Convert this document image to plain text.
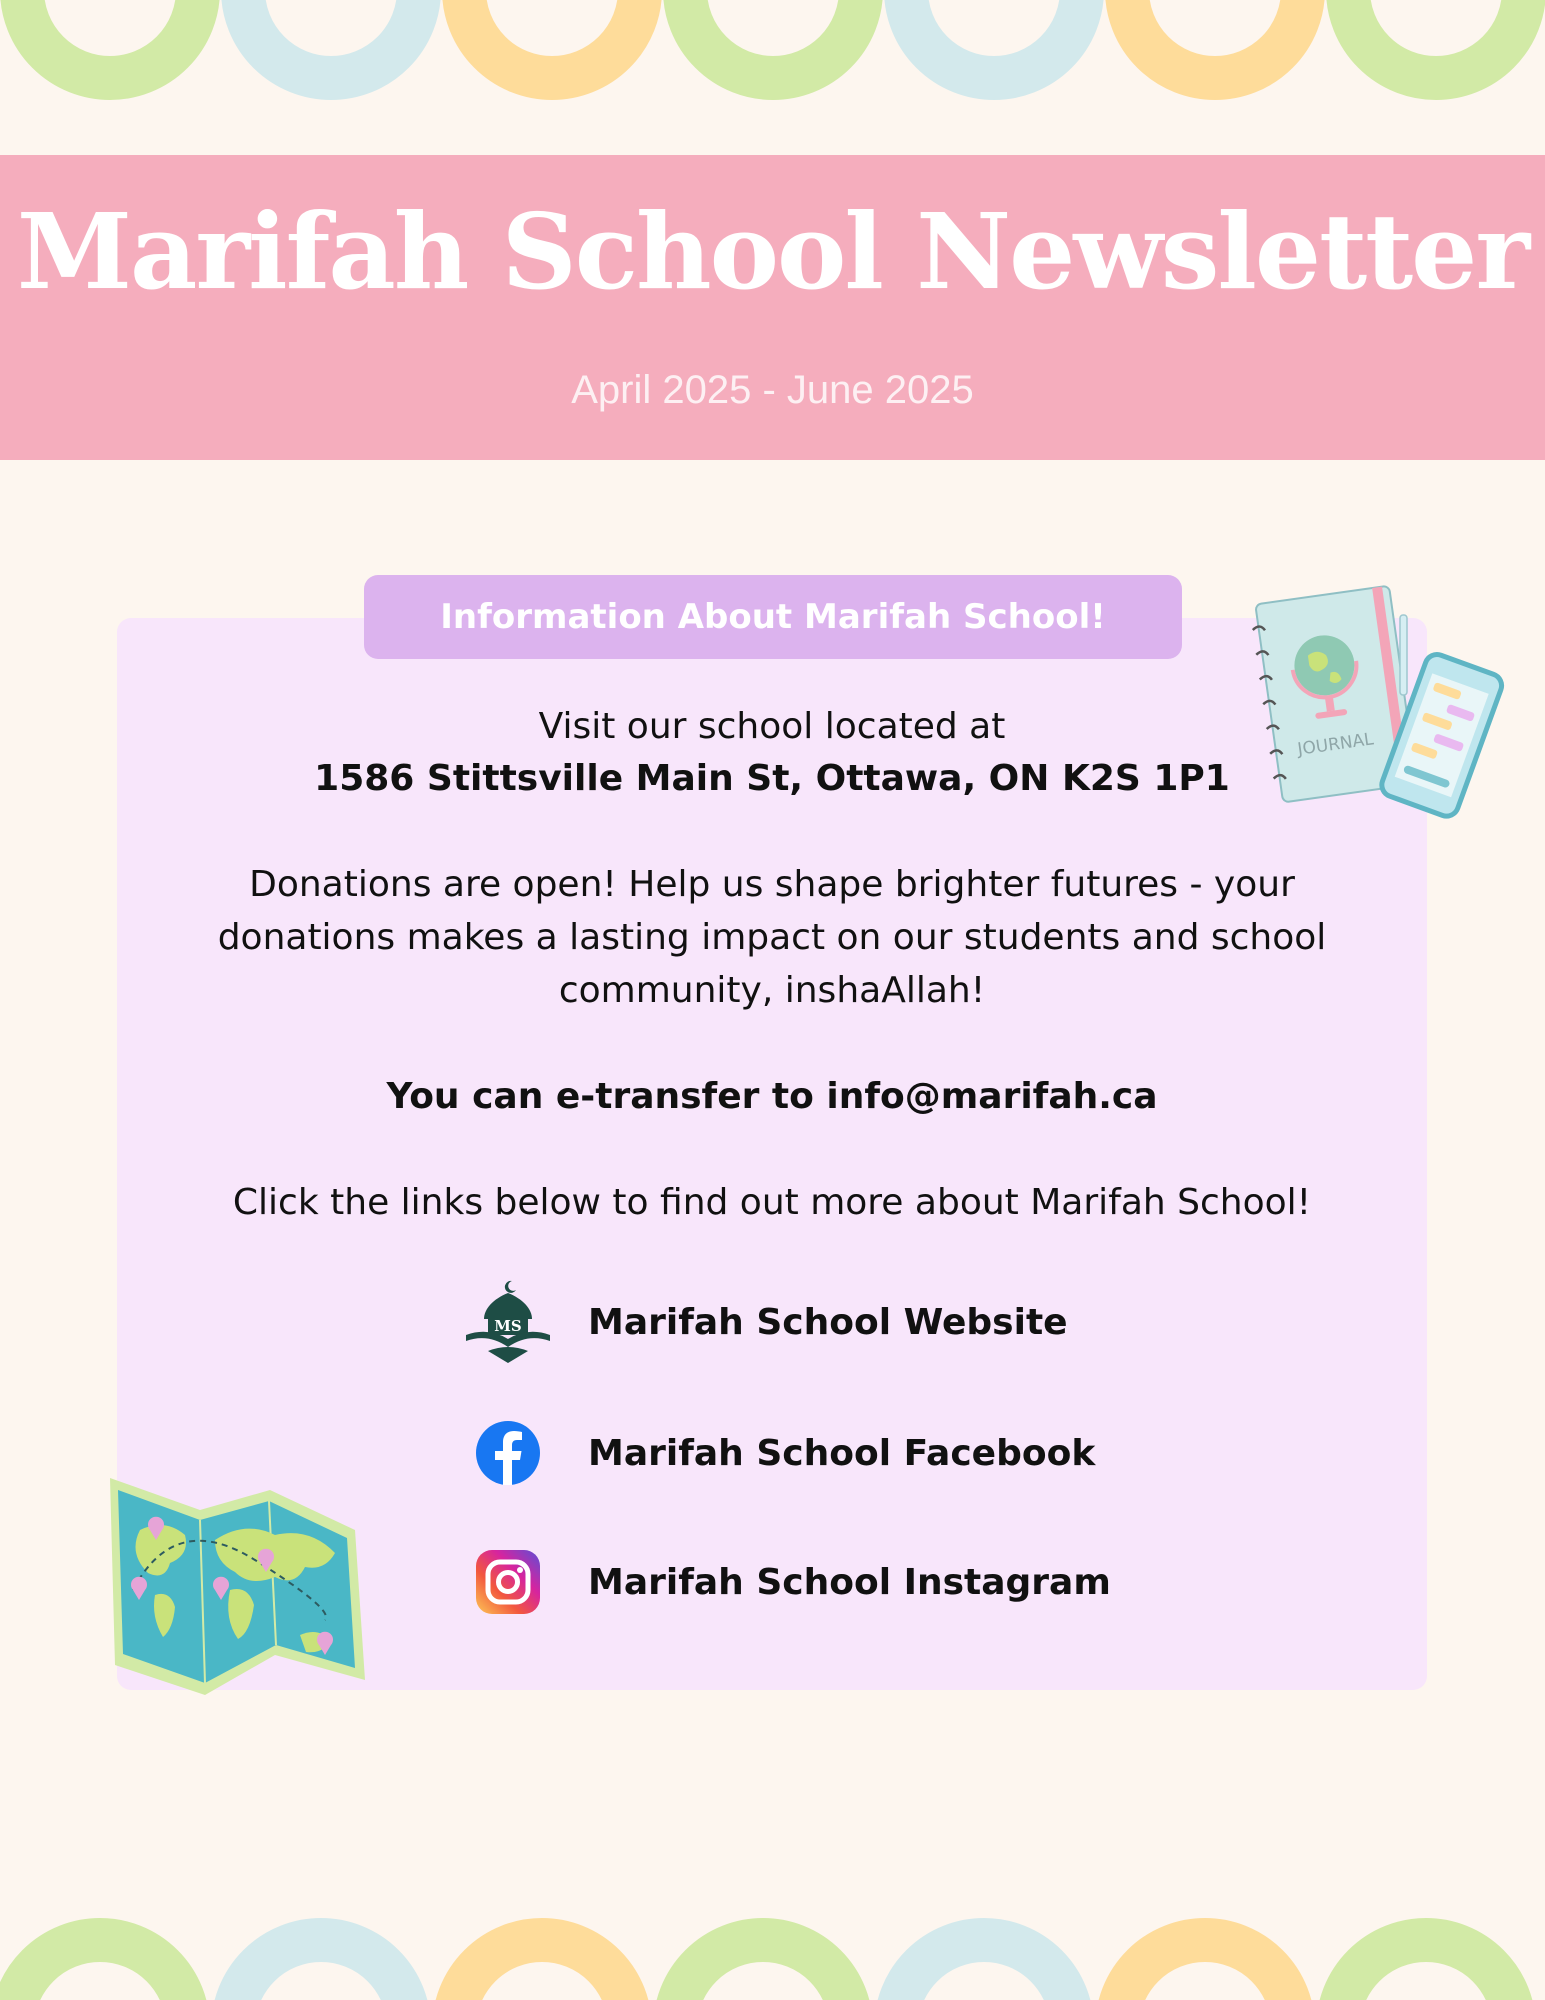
Marifah School Newsletter
April 2025 - June 2025
Information About Marifah School!
Visit our school located at
1586 Stittsville Main St, Ottawa, ON K2S 1P1
Donations are open! Help us shape brighter futures - your donations makes a lasting impact on our students and school community, inshaAllah!
You can e-transfer to info@marifah.ca
Click the links below to find out more about Marifah School!
MS Marifah School Website
Marifah School Facebook
Marifah School Instagram
JOURNAL
